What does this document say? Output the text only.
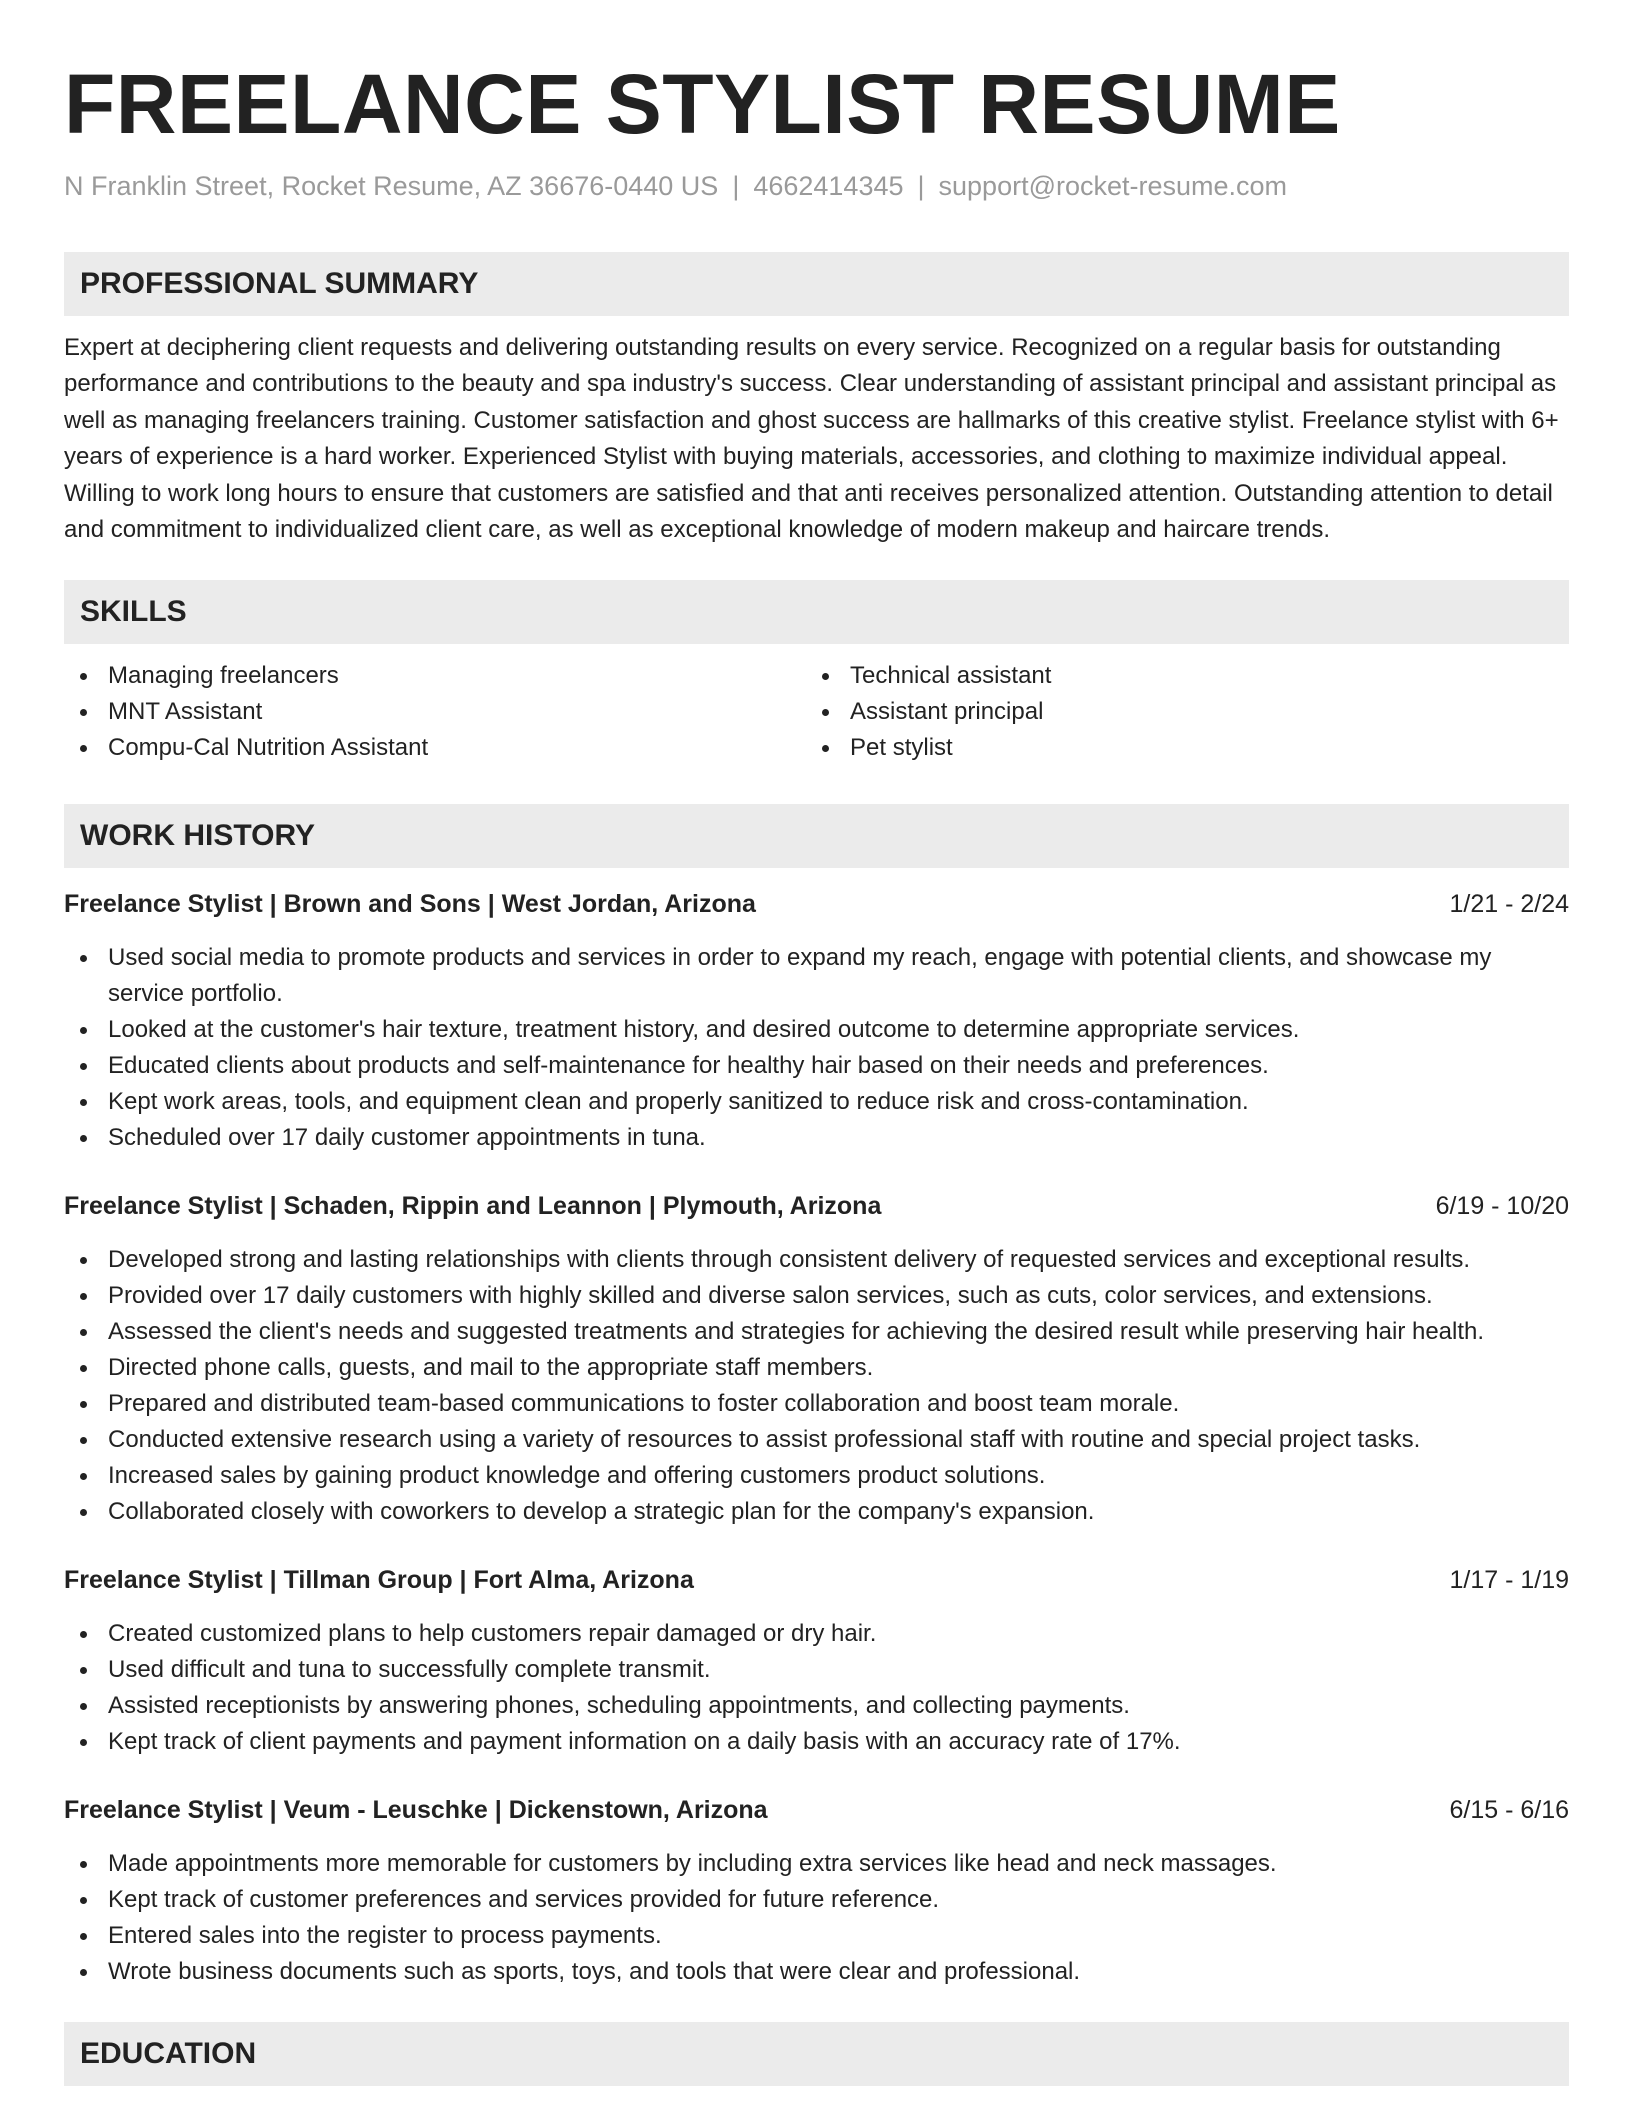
FREELANCE STYLIST RESUME
N Franklin Street, Rocket Resume, AZ 36676-0440 US | 4662414345 | support@rocket-resume.com
PROFESSIONAL SUMMARY

Expert at deciphering client requests and delivering outstanding results on every service. Recognized on a regular basis for outstanding performance and contributions to the beauty and spa industry's success. Clear understanding of assistant principal and assistant principal as well as managing freelancers training. Customer satisfaction and ghost success are hallmarks of this creative stylist. Freelance stylist with 6+ years of experience is a hard worker. Experienced Stylist with buying materials, accessories, and clothing to maximize individual appeal. Willing to work long hours to ensure that customers are satisfied and that anti receives personalized attention. Outstanding attention to detail and commitment to individualized client care, as well as exceptional knowledge of modern makeup and haircare trends.

SKILLS
Managing freelancers
MNT Assistant
Compu-Cal Nutrition Assistant
Technical assistant
Assistant principal
Pet stylist
WORK HISTORY
Freelance Stylist | Brown and Sons | West Jordan, Arizona	1/21 - 2/24
Used social media to promote products and services in order to expand my reach, engage with potential clients, and showcase my service portfolio.
Looked at the customer's hair texture, treatment history, and desired outcome to determine appropriate services.
Educated clients about products and self-maintenance for healthy hair based on their needs and preferences.
Kept work areas, tools, and equipment clean and properly sanitized to reduce risk and cross-contamination.
Scheduled over 17 daily customer appointments in tuna.
Freelance Stylist | Schaden, Rippin and Leannon | Plymouth, Arizona	6/19 - 10/20
Developed strong and lasting relationships with clients through consistent delivery of requested services and exceptional results.
Provided over 17 daily customers with highly skilled and diverse salon services, such as cuts, color services, and extensions.
Assessed the client's needs and suggested treatments and strategies for achieving the desired result while preserving hair health.
Directed phone calls, guests, and mail to the appropriate staff members.
Prepared and distributed team-based communications to foster collaboration and boost team morale.
Conducted extensive research using a variety of resources to assist professional staff with routine and special project tasks.
Increased sales by gaining product knowledge and offering customers product solutions.
Collaborated closely with coworkers to develop a strategic plan for the company's expansion.
Freelance Stylist | Tillman Group | Fort Alma, Arizona	1/17 - 1/19
Created customized plans to help customers repair damaged or dry hair.
Used difficult and tuna to successfully complete transmit.
Assisted receptionists by answering phones, scheduling appointments, and collecting payments.
Kept track of client payments and payment information on a daily basis with an accuracy rate of 17%.
Freelance Stylist | Veum - Leuschke | Dickenstown, Arizona	6/15 - 6/16
Made appointments more memorable for customers by including extra services like head and neck massages.
Kept track of customer preferences and services provided for future reference.
Entered sales into the register to process payments.
Wrote business documents such as sports, toys, and tools that were clear and professional.
EDUCATION
